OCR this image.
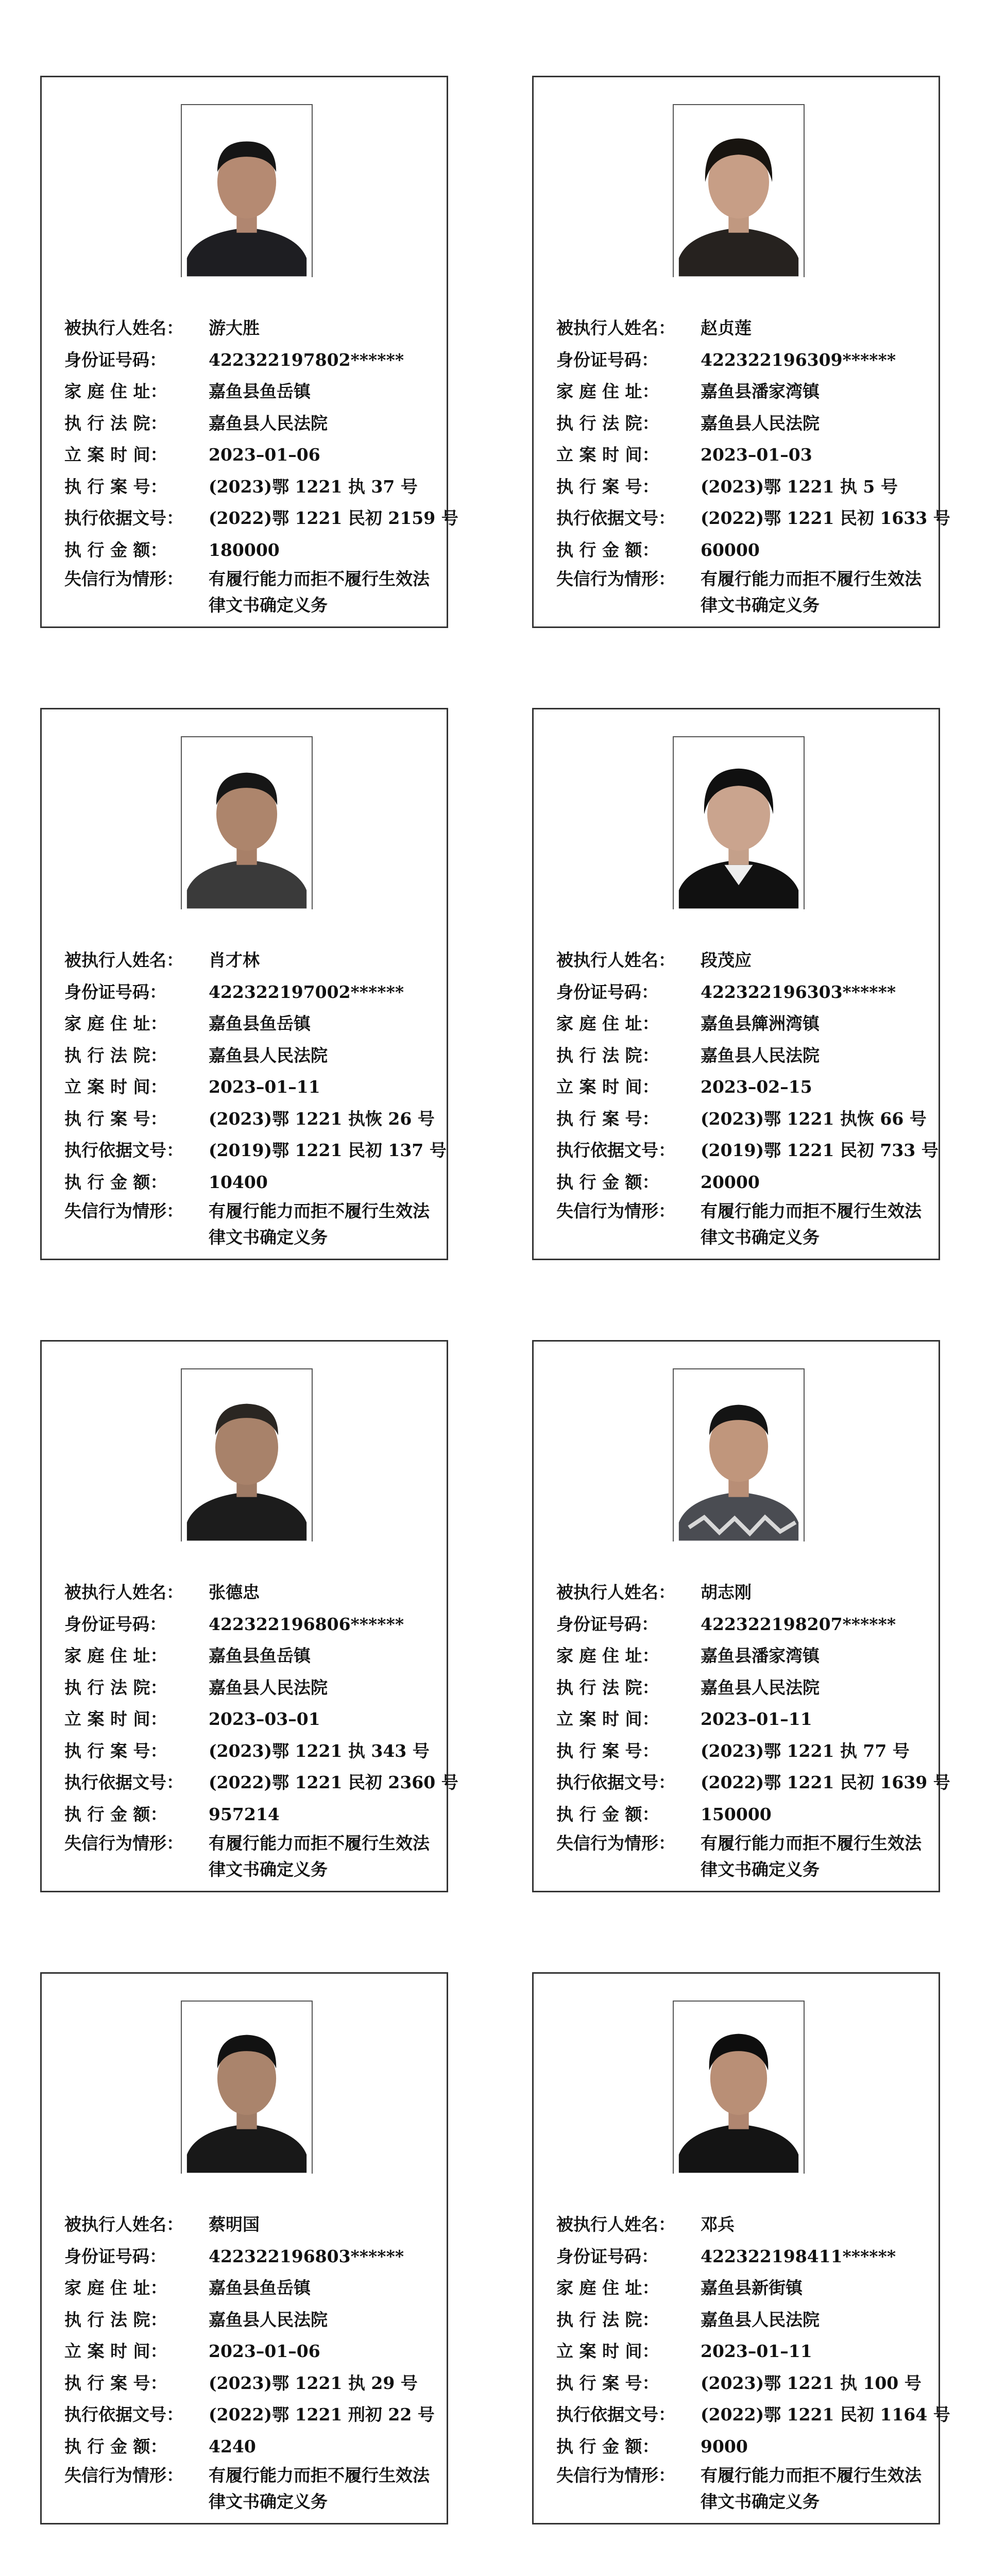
被执行人姓名：	游大胜
身份证号码：	422322197802******
家 庭 住 址：	嘉鱼县鱼岳镇
执 行 法 院：	嘉鱼县人民法院
立 案 时 间：	2023–01–06
执 行 案 号：	(2023)鄂 1221 执 37 号
执行依据文号：	(2022)鄂 1221 民初 2159 号
执 行 金 额：	180000
失信行为情形：	有履行能力而拒不履行生效法律文书确定义务
被执行人姓名：	赵贞莲
身份证号码：	422322196309******
家 庭 住 址：	嘉鱼县潘家湾镇
执 行 法 院：	嘉鱼县人民法院
立 案 时 间：	2023–01–03
执 行 案 号：	(2023)鄂 1221 执 5 号
执行依据文号：	(2022)鄂 1221 民初 1633 号
执 行 金 额：	60000
失信行为情形：	有履行能力而拒不履行生效法律文书确定义务
被执行人姓名：	肖才林
身份证号码：	422322197002******
家 庭 住 址：	嘉鱼县鱼岳镇
执 行 法 院：	嘉鱼县人民法院
立 案 时 间：	2023–01–11
执 行 案 号：	(2023)鄂 1221 执恢 26 号
执行依据文号：	(2019)鄂 1221 民初 137 号
执 行 金 额：	10400
失信行为情形：	有履行能力而拒不履行生效法律文书确定义务
被执行人姓名：	段茂应
身份证号码：	422322196303******
家 庭 住 址：	嘉鱼县簰洲湾镇
执 行 法 院：	嘉鱼县人民法院
立 案 时 间：	2023–02–15
执 行 案 号：	(2023)鄂 1221 执恢 66 号
执行依据文号：	(2019)鄂 1221 民初 733 号
执 行 金 额：	20000
失信行为情形：	有履行能力而拒不履行生效法律文书确定义务
被执行人姓名：	张德忠
身份证号码：	422322196806******
家 庭 住 址：	嘉鱼县鱼岳镇
执 行 法 院：	嘉鱼县人民法院
立 案 时 间：	2023–03–01
执 行 案 号：	(2023)鄂 1221 执 343 号
执行依据文号：	(2022)鄂 1221 民初 2360 号
执 行 金 额：	957214
失信行为情形：	有履行能力而拒不履行生效法律文书确定义务
被执行人姓名：	胡志刚
身份证号码：	422322198207******
家 庭 住 址：	嘉鱼县潘家湾镇
执 行 法 院：	嘉鱼县人民法院
立 案 时 间：	2023–01–11
执 行 案 号：	(2023)鄂 1221 执 77 号
执行依据文号：	(2022)鄂 1221 民初 1639 号
执 行 金 额：	150000
失信行为情形：	有履行能力而拒不履行生效法律文书确定义务
被执行人姓名：	蔡明国
身份证号码：	422322196803******
家 庭 住 址：	嘉鱼县鱼岳镇
执 行 法 院：	嘉鱼县人民法院
立 案 时 间：	2023–01–06
执 行 案 号：	(2023)鄂 1221 执 29 号
执行依据文号：	(2022)鄂 1221 刑初 22 号
执 行 金 额：	4240
失信行为情形：	有履行能力而拒不履行生效法律文书确定义务
被执行人姓名：	邓兵
身份证号码：	422322198411******
家 庭 住 址：	嘉鱼县新街镇
执 行 法 院：	嘉鱼县人民法院
立 案 时 间：	2023–01–11
执 行 案 号：	(2023)鄂 1221 执 100 号
执行依据文号：	(2022)鄂 1221 民初 1164 号
执 行 金 额：	9000
失信行为情形：	有履行能力而拒不履行生效法律文书确定义务
